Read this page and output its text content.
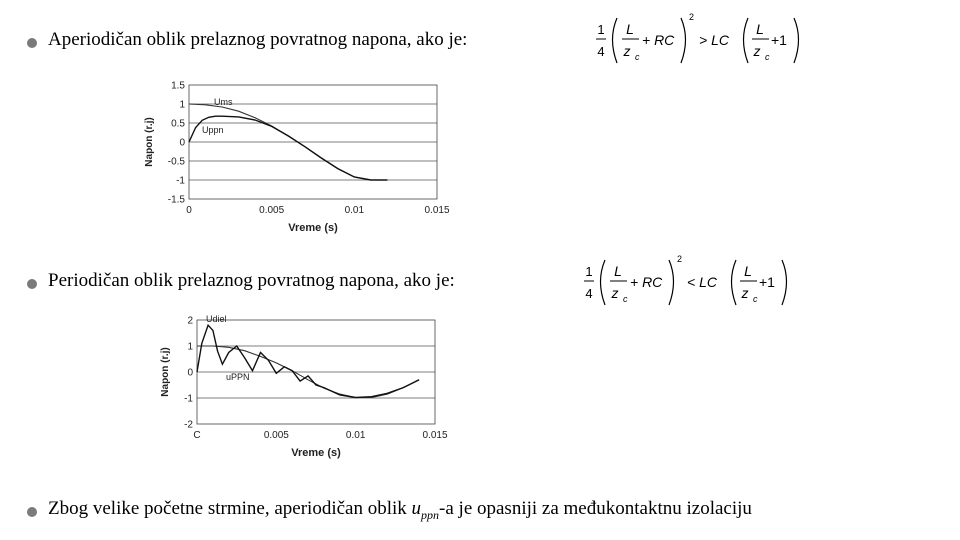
Aperiodičan oblik prelaznog povratnog napona, ako je:	1
4
L
z c
+ RC
2
> LC
L
z c
+1
1.5
1
0.5
0
-0.5
-1
-1.5
0	0.005	0.01	0.015
Vreme (s)
Napon (r.j)
Ums
Uppn
Periodičan oblik prelaznog povratnog napona, ako je:	1
4
L
z c
+ RC
2
< LC
L
z c
+1
2
1
0
-1
-2
C	0.005	0.01	0.015
Vreme (s)
Napon (r.j)
Udiel
uPPN
Zbog velike početne strmine, aperiodičan oblik $u_{ppn}-a$ je opasniji za međukontaktnu izolaciju
